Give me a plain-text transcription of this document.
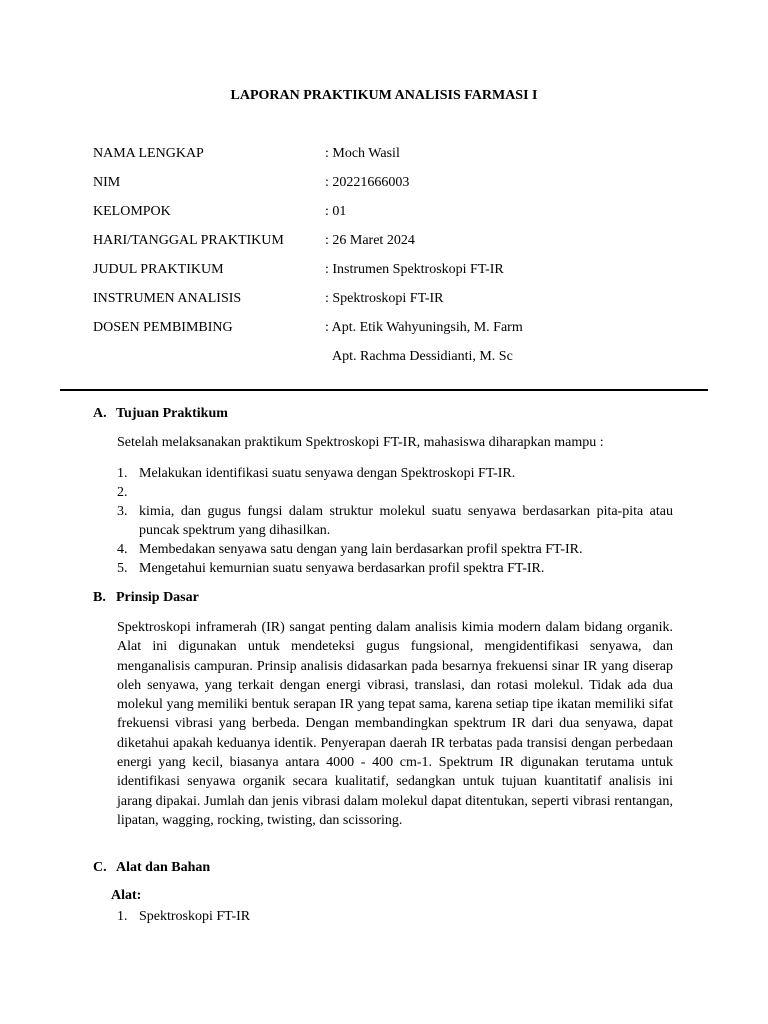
LAPORAN PRAKTIKUM ANALISIS FARMASI I
NAMA LENGKAP	: Moch Wasil
NIM	: 20221666003
KELOMPOK	: 01
HARI/TANGGAL PRAKTIKUM	: 26 Maret 2024
JUDUL PRAKTIKUM	: Instrumen Spektroskopi FT-IR
INSTRUMEN ANALISIS	: Spektroskopi FT-IR
DOSEN PEMBIMBING	: Apt. Etik Wahyuningsih, M. Farm
Apt. Rachma Dessidianti, M. Sc
A. Tujuan Praktikum
Setelah melaksanakan praktikum Spektroskopi FT-IR, mahasiswa diharapkan mampu :
1. Melakukan identifikasi suatu senyawa dengan Spektroskopi FT-IR.
2.

3. kimia, dan gugus fungsi dalam struktur molekul suatu senyawa berdasarkan pita-pita atau puncak spektrum yang dihasilkan.
4. Membedakan senyawa satu dengan yang lain berdasarkan profil spektra FT-IR.
5. Mengetahui kemurnian suatu senyawa berdasarkan profil spektra FT-IR.
B. Prinsip Dasar
Spektroskopi inframerah (IR) sangat penting dalam analisis kimia modern dalam bidang organik. Alat ini digunakan untuk mendeteksi gugus fungsional, mengidentifikasi senyawa, dan menganalisis campuran. Prinsip analisis didasarkan pada besarnya frekuensi sinar IR yang diserap oleh senyawa, yang terkait dengan energi vibrasi, translasi, dan rotasi molekul. Tidak ada dua molekul yang memiliki bentuk serapan IR yang tepat sama, karena setiap tipe ikatan memiliki sifat frekuensi vibrasi yang berbeda. Dengan membandingkan spektrum IR dari dua senyawa, dapat diketahui apakah keduanya identik. Penyerapan daerah IR terbatas pada transisi dengan perbedaan energi yang kecil, biasanya antara 4000 - 400 cm-1. Spektrum IR digunakan terutama untuk identifikasi senyawa organik secara kualitatif, sedangkan untuk tujuan kuantitatif analisis ini jarang dipakai. Jumlah dan jenis vibrasi dalam molekul dapat ditentukan, seperti vibrasi rentangan, lipatan, wagging, rocking, twisting, dan scissoring.
C. Alat dan Bahan
Alat:
1. Spektroskopi FT-IR
